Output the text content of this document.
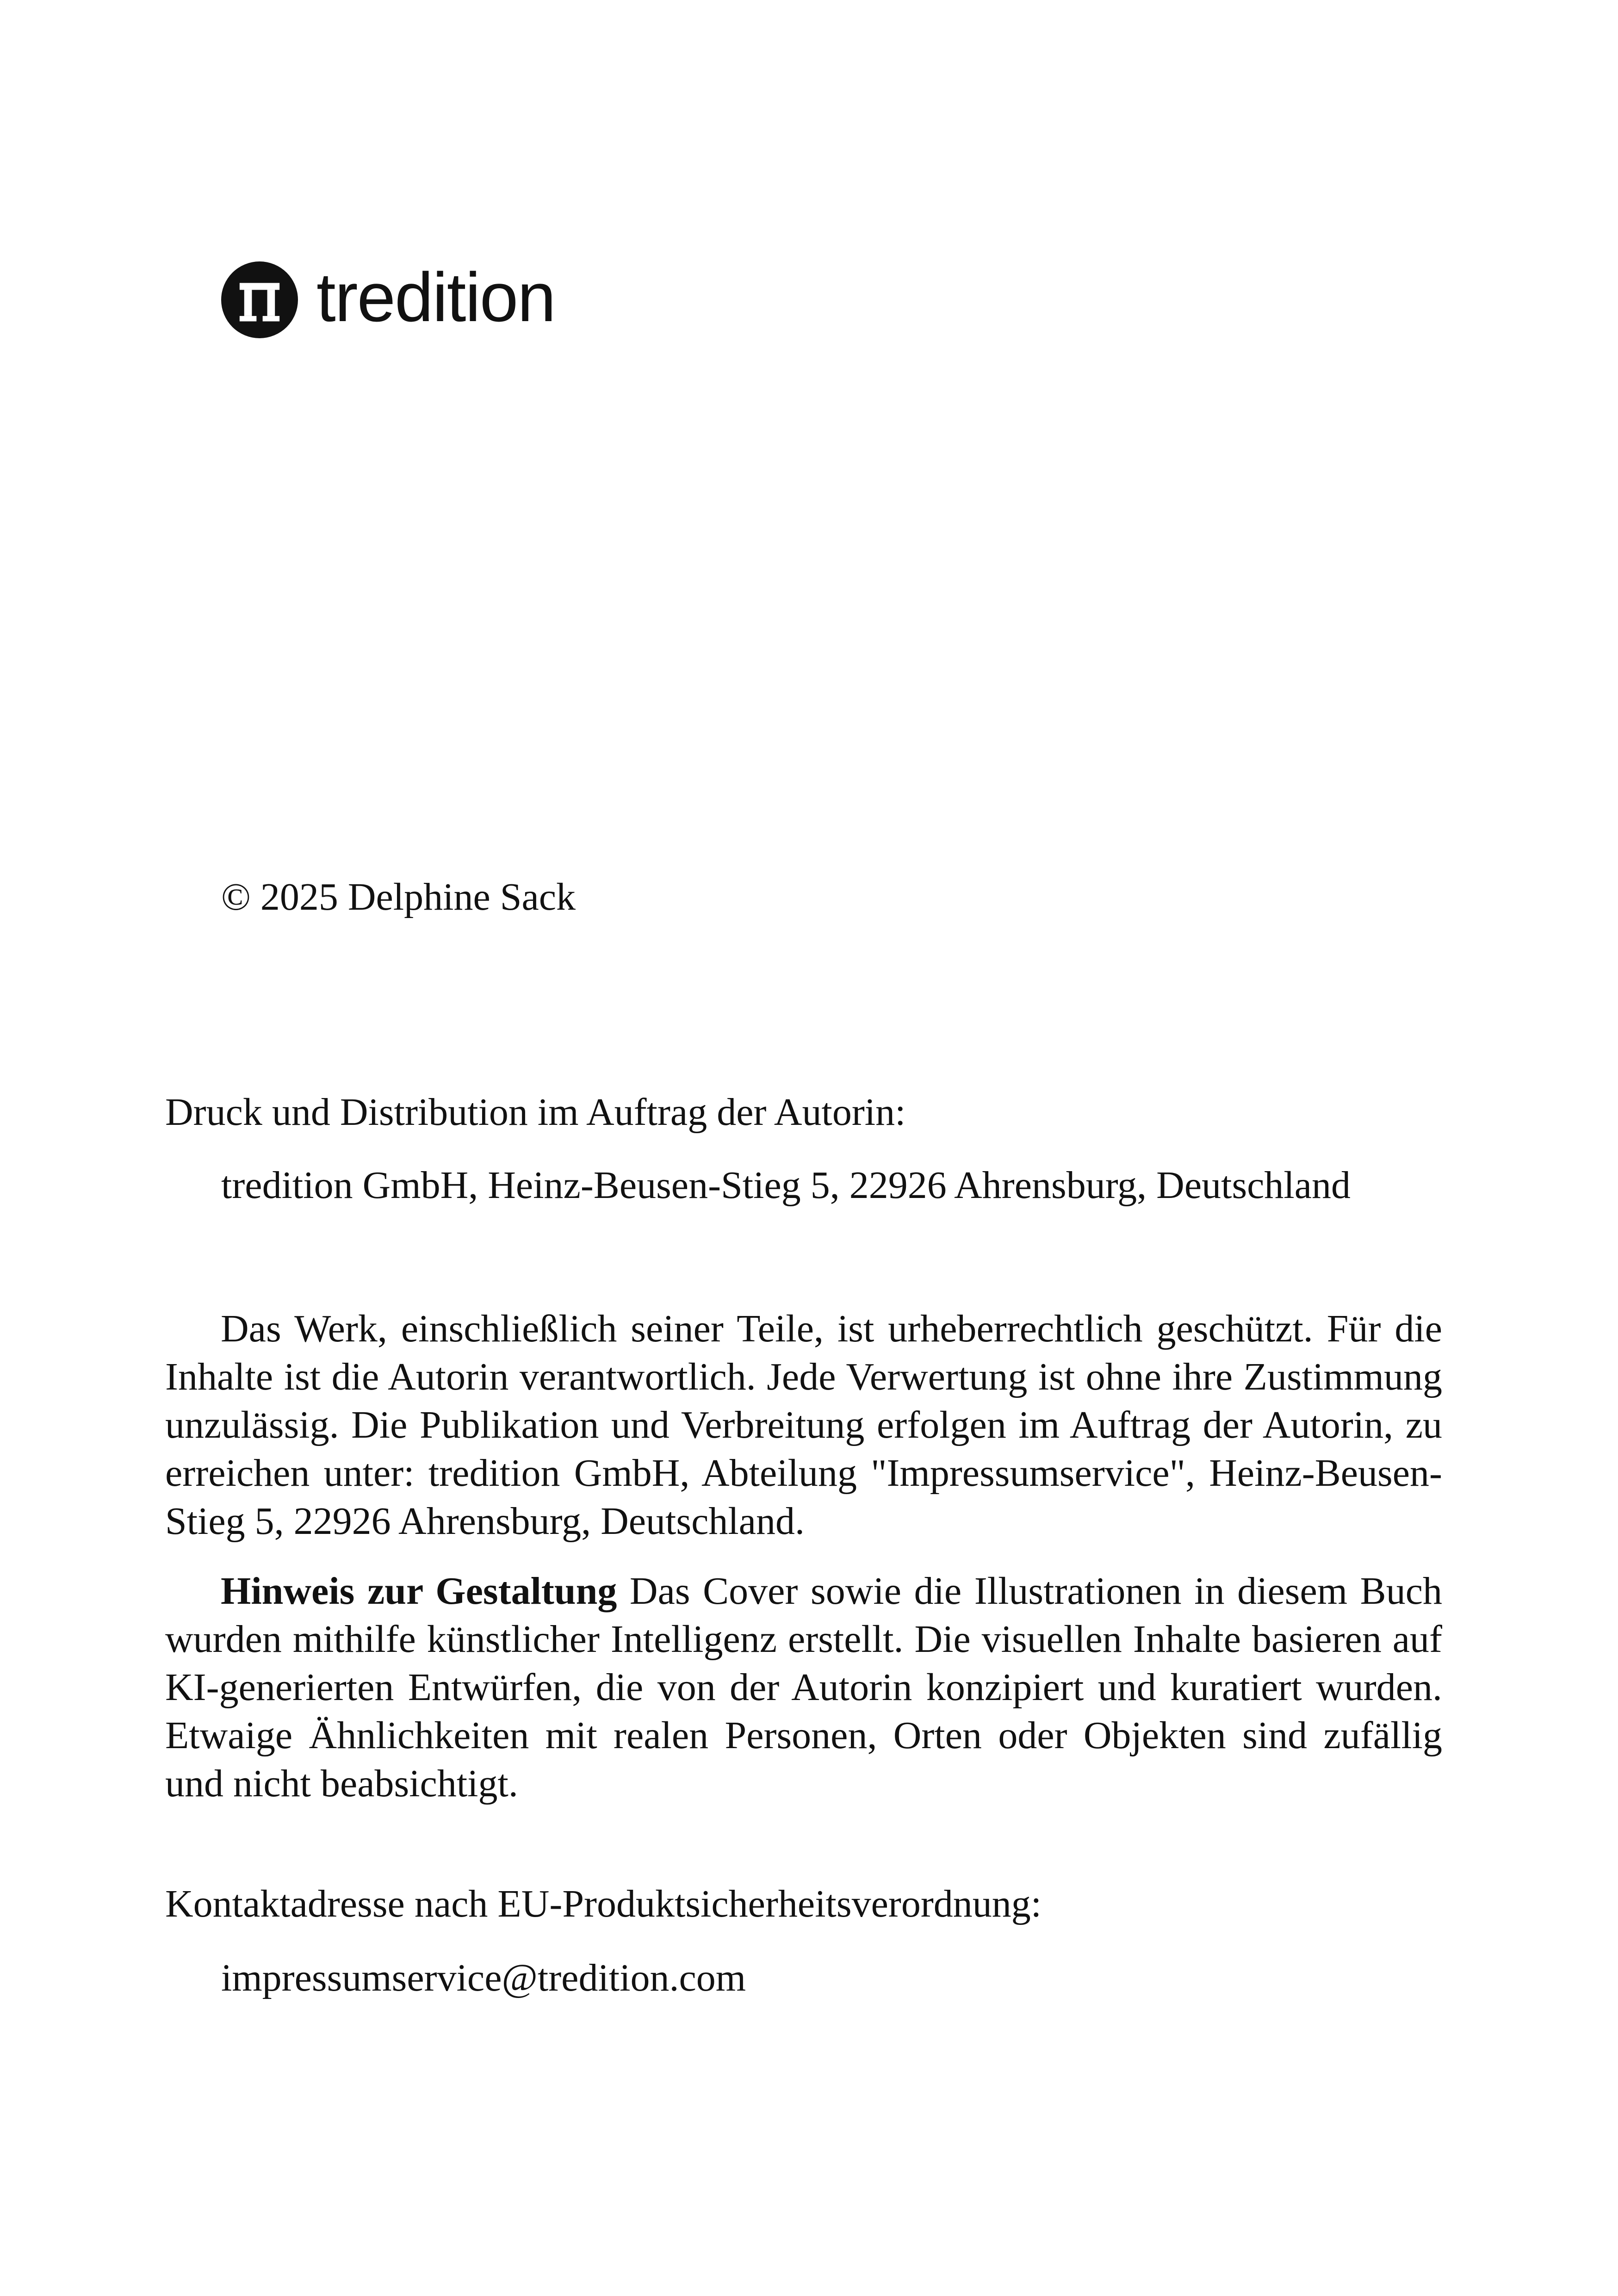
tredition
© 2025 Delphine Sack
Druck und Distribution im Auftrag der Autorin:
tredition GmbH, Heinz-Beusen-Stieg 5, 22926 Ahrensburg, Deutschland
Das Werk, einschließlich seiner Teile, ist urheberrechtlich geschützt. Für die Inhalte ist die Autorin verantwortlich. Jede Verwertung ist ohne ihre Zustimmung unzulässig. Die Publikation und Verbreitung erfolgen im Auftrag der Autorin, zu erreichen unter: tredition GmbH, Abteilung "Impressumservice", Heinz-Beusen-Stieg 5, 22926 Ahrensburg, Deutschland.
Hinweis zur Gestaltung Das Cover sowie die Illustrationen in diesem Buch wurden mithilfe künstlicher Intelligenz erstellt. Die visuellen Inhalte basieren auf KI-generierten Entwürfen, die von der Autorin konzipiert und kuratiert wurden. Etwaige Ähnlichkeiten mit realen Personen, Orten oder Objekten sind zufällig und nicht beabsichtigt.
Kontaktadresse nach EU-Produktsicherheitsverordnung:
impressumservice@tredition.com
